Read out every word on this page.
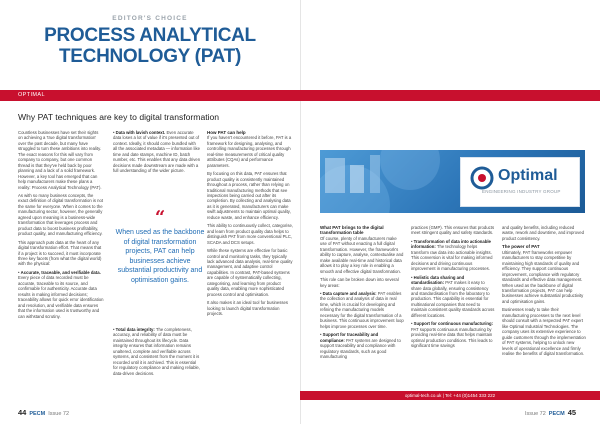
EDITOR'S CHOICE
PROCESS ANALYTICAL
TECHNOLOGY (PAT)
OPTIMAL
Why PAT techniques are key to digital transformation

Countless businesses have set their sights on achieving a 'true digital transformation' over the past decade, but many have struggled to turn these ambitions into reality. The exact reasons for this will vary from company to company, but one common thread is that they've held back by poor planning and a lack of a solid framework. However, a key tool has emerged that can help manufacturers make these plans a reality: Process Analytical Technology (PAT).

As with so many business concepts, the exact definition of digital transformation is not the same for everyone. When it comes to the manufacturing sector, however, the generally agreed upon meaning is a business-wide transformation that leverages process and product data to boost business profitability, product quality, and manufacturing efficiency.

This approach puts data at the heart of any digital transformation effort. That means that if a project is to succeed, it must incorporate three key facets (from what the digital world) with the physical:

• Accurate, traceable, and verifiable data. Every piece of data recorded must be accurate, traceable to its source, and confirmable for authenticity. Accurate data results in making informed decisions; traceability allows for quick error identification and resolution, and verifiable data ensures that the information used is trustworthy and can withstand scrutiny.

• Data with lavish context. Even accurate data loses a lot of value if it's presented out of context. Ideally, it should come bundled with all the associated metadata — information like time and date stamps, machine ID, batch number, etc. This enables that any data driven decisions made downstream are made with a full understanding of the wider picture.

“
When used as the backbone of digital transformation projects, PAT can help businesses achieve substantial productivity and optimisation gains.

• Total data integrity: The completeness, accuracy, and reliability of data must be maintained throughout its lifecycle. Data integrity ensures that information remains unaltered, complete and verifiable across systems, and consistent from the moment it is recorded until it is archived. This is essential for regulatory compliance and making reliable, data-driven decisions.

How PAT can help

If you haven't encountered it before, PAT is a framework for designing, analysing, and controlling manufacturing processes through real-time measurements of critical quality attributes (CQAs) and performance parameters.

By focusing on this data, PAT ensures that product quality is consistently maintained throughout a process, rather than relying on traditional manufacturing methods that see inspections being carried out after its completion. By collecting and analysing data as it is generated, manufacturers can make swift adjustments to maintain optimal quality, reduce waste, and enhance efficiency.

This ability to continuously collect, categorise, and learn from product quality data helps to distinguish PAT from more conventional PLC, SCADA and DCS setups.

While these systems are effective for basic control and monitoring tasks, they typically lack advanced data analysis, real-time quality management, and adaptive control capabilities. In contrast, PAT-based systems are capable of systematically collecting, categorising, and learning from product quality data, enabling more sophisticated process control and optimisation.

It also makes it an ideal tool for businesses looking to launch digital transformation projects.

44 PECM Issue 72
Optimal
ENGINEERING INDUSTRY GROUP
What PAT brings to the digital transformation table

Of course, plenty of manufacturers make use of PAT without enacting a full digital transformation. However, the framework's ability to capture, analyse, contextualise and make available real-time and historical data allows it to play a key role in enabling a smooth and effective digital transformation.

This role can be broken down into several key areas:

• Data capture and analysis: PAT enables the collection and analysis of data in real time, which is crucial for developing and refining the manufacturing models necessary for the digital transformation of a business. This continuous improvement loop helps improve processes over time.

• Support for traceability and compliance: PAT systems are designed to support traceability and compliance with regulatory standards, such as good manufacturing

practices (GMP). This ensures that products meet stringent quality and safety standards.

• Transformation of data into actionable information: The technology helps transform raw data into actionable insights. This conversion is vital for making informed decisions and driving continuous improvement in manufacturing processes.

• Holistic data sharing and standardisation: PAT makes it easy to share data globally, ensuring consistency and standardisation from the laboratory to production. This capability is essential for multinational companies that need to maintain consistent quality standards across different locations.

• Support for continuous manufacturing: PAT supports continuous manufacturing by providing real-time data that helps maintain optimal production conditions. This leads to significant time savings

and quality benefits, including reduced waste, rework and downtime, and improved product consistency.

The power of PAT

Ultimately, PAT frameworks empower manufacturers to stay competitive by maintaining high standards of quality and efficiency. They support continuous improvement, compliance with regulatory standards and effective data management. When used as the backbone of digital transformation projects, PAT can help businesses achieve substantial productivity and optimisation gains.

Businesses ready to take their manufacturing processes to the next level should consult with a respected PAT expert like Optimal Industrial Technologies. The company uses its extensive experience to guide customers through the implementation of PAT systems, helping to unlock new levels of operational excellence and firmly realise the benefits of digital transformation.

optimal-tech.co.uk | Tel: +44 (0)1454 333 222
Issue 72 PECM 45
